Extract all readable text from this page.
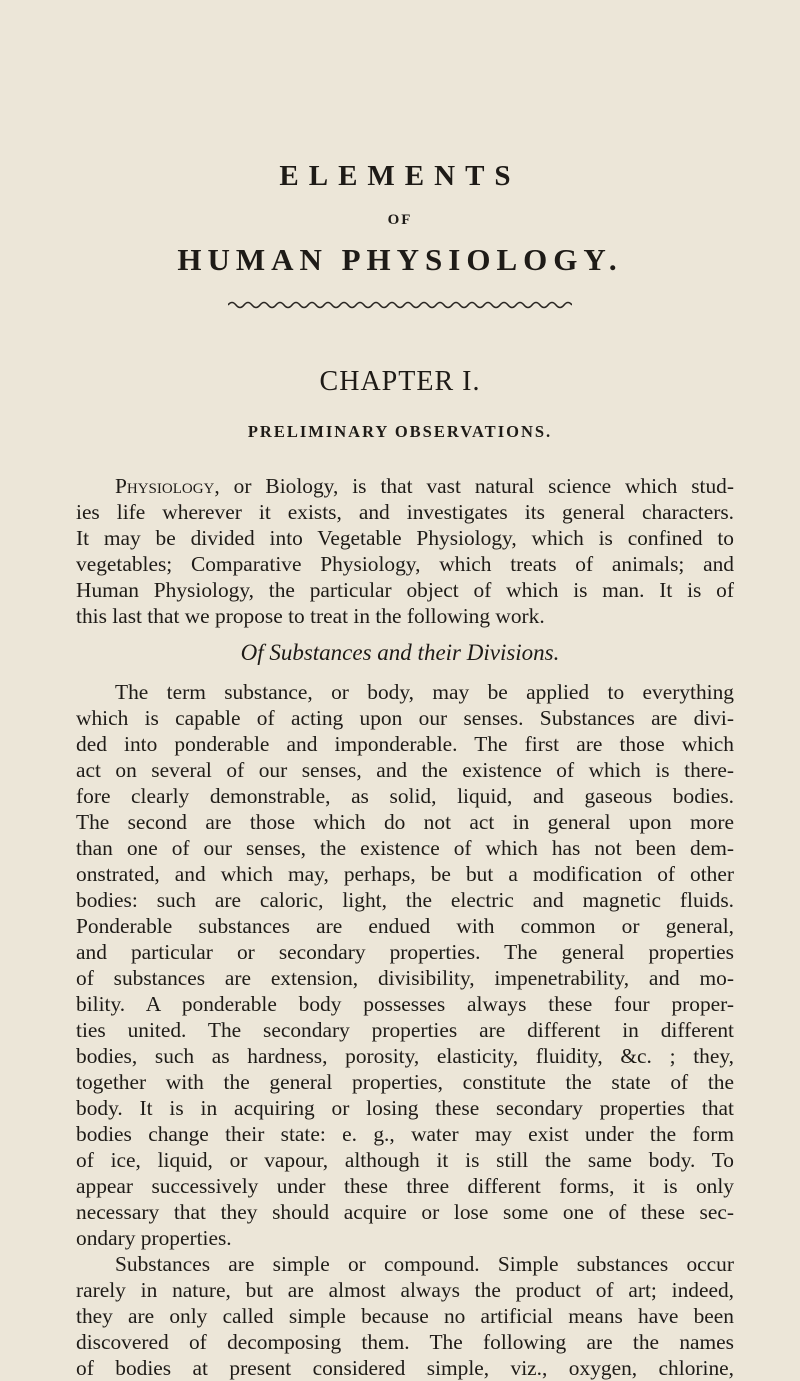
ELEMENTS
OF
HUMAN PHYSIOLOGY.
CHAPTER I.
PRELIMINARY OBSERVATIONS.
Physiology, or Biology, is that vast natural science which stud-
ies life wherever it exists, and investigates its general characters.
It may be divided into Vegetable Physiology, which is confined to
vegetables; Comparative Physiology, which treats of animals; and
Human Physiology, the particular object of which is man. It is of
this last that we propose to treat in the following work.
Of Substances and their Divisions.
The term substance, or body, may be applied to everything
which is capable of acting upon our senses. Substances are divi-
ded into ponderable and imponderable. The first are those which
act on several of our senses, and the existence of which is there-
fore clearly demonstrable, as solid, liquid, and gaseous bodies.
The second are those which do not act in general upon more
than one of our senses, the existence of which has not been dem-
onstrated, and which may, perhaps, be but a modification of other
bodies: such are caloric, light, the electric and magnetic fluids.
Ponderable substances are endued with common or general,
and particular or secondary properties. The general properties
of substances are extension, divisibility, impenetrability, and mo-
bility. A ponderable body possesses always these four proper-
ties united. The secondary properties are different in different
bodies, such as hardness, porosity, elasticity, fluidity, &c. ; they,
together with the general properties, constitute the state of the
body. It is in acquiring or losing these secondary properties that
bodies change their state: e. g., water may exist under the form
of ice, liquid, or vapour, although it is still the same body. To
appear successively under these three different forms, it is only
necessary that they should acquire or lose some one of these sec-
ondary properties.
Substances are simple or compound. Simple substances occur
rarely in nature, but are almost always the product of art; indeed,
they are only called simple because no artificial means have been
discovered of decomposing them. The following are the names
of bodies at present considered simple, viz., oxygen, chlorine,
